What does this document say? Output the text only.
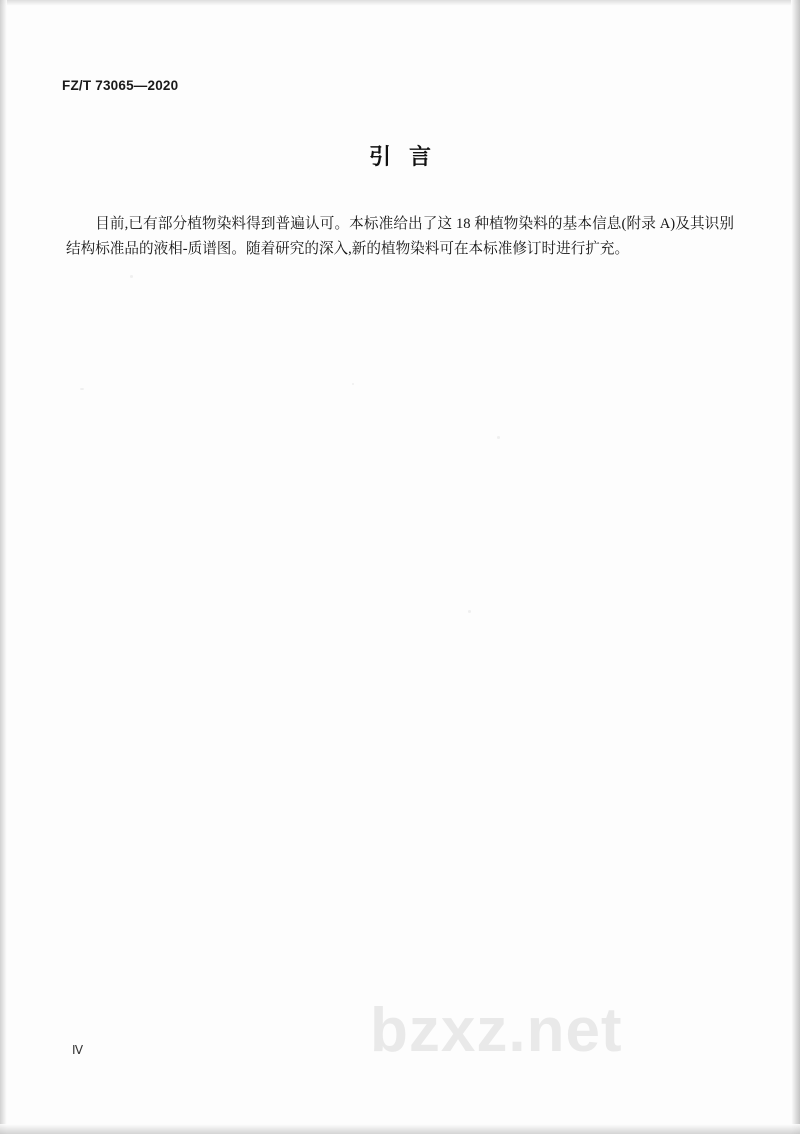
FZ/T 73065—2020
引言
目前,已有部分植物染料得到普遍认可。本标准给出了这 18 种植物染料的基本信息(附录 A)及其识别结构标准品的液相-质谱图。随着研究的深入,新的植物染料可在本标准修订时进行扩充。
Ⅳ	bzxz.net
